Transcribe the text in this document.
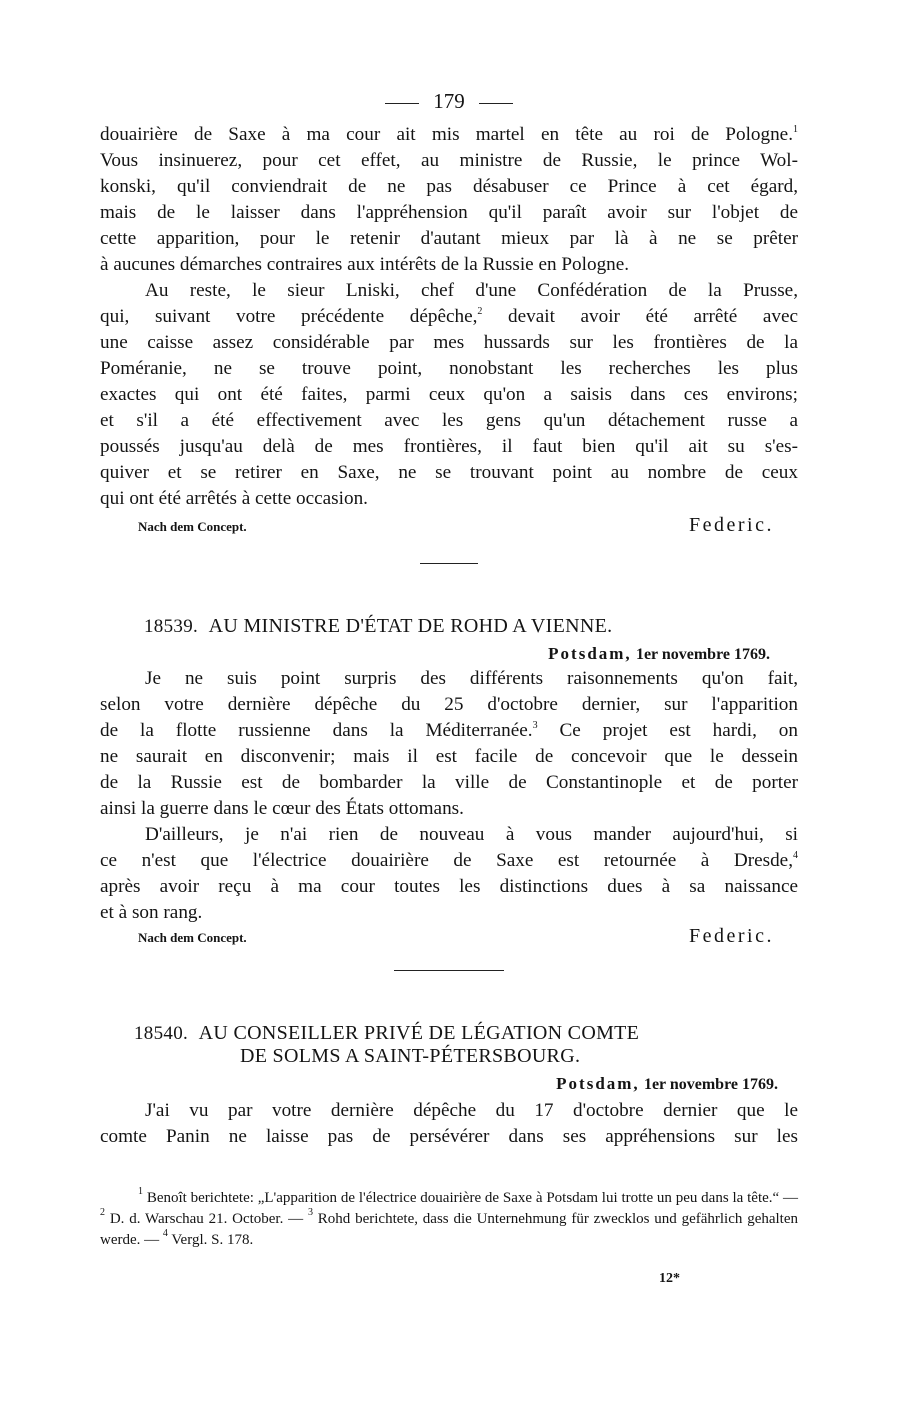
179

douairière de Saxe à ma cour ait mis martel en tête au roi de Pologne.$^1$

Vous insinuerez, pour cet effet, au ministre de Russie, le prince Wol-

konski, qu'il conviendrait de ne pas désabuser ce Prince à cet égard,

mais de le laisser dans l'appréhension qu'il paraît avoir sur l'objet de

cette apparition, pour le retenir d'autant mieux par là à ne se prêter

à aucunes démarches contraires aux intérêts de la Russie en Pologne.

Au reste, le sieur Lniski, chef d'une Confédération de la Prusse,

qui, suivant votre précédente dépêche,$^2$ devait avoir été arrêté avec

une caisse assez considérable par mes hussards sur les frontières de la

Poméranie, ne se trouve point, nonobstant les recherches les plus

exactes qui ont été faites, parmi ceux qu'on a saisis dans ces environs;

et s'il a été effectivement avec les gens qu'un détachement russe a

poussés jusqu'au delà de mes frontières, il faut bien qu'il ait su s'es-

quiver et se retirer en Saxe, ne se trouvant point au nombre de ceux

qui ont été arrêtés à cette occasion.

Nach dem Concept.	Federic.

18539. AU MINISTRE D'ÉTAT DE ROHD A VIENNE.

Potsdam, 1er novembre 1769.

Je ne suis point surpris des différents raisonnements qu'on fait,

selon votre dernière dépêche du 25 d'octobre dernier, sur l'apparition

de la flotte russienne dans la Méditerranée.$^3$ Ce projet est hardi, on

ne saurait en disconvenir; mais il est facile de concevoir que le dessein

de la Russie est de bombarder la ville de Constantinople et de porter

ainsi la guerre dans le cœur des États ottomans.

D'ailleurs, je n'ai rien de nouveau à vous mander aujourd'hui, si

ce n'est que l'électrice douairière de Saxe est retournée à Dresde,$^4$

après avoir reçu à ma cour toutes les distinctions dues à sa naissance

et à son rang.

Nach dem Concept.	Federic.

18540. AU CONSEILLER PRIVÉ DE LÉGATION COMTE

DE SOLMS A SAINT-PÉTERSBOURG.

Potsdam, 1er novembre 1769.

J'ai vu par votre dernière dépêche du 17 d'octobre dernier que le

comte Panin ne laisse pas de persévérer dans ses appréhensions sur les

$^1$ Benoît berichtete: „L'apparition de l'électrice douairière de Saxe à Potsdam lui trotte un peu dans la tête.“ — $^2$ D. d. Warschau 21. October. — $^3$ Rohd berichtete, dass die Unternehmung für zwecklos und gefährlich gehalten werde. — $^4$ Vergl. S. 178.

12*
